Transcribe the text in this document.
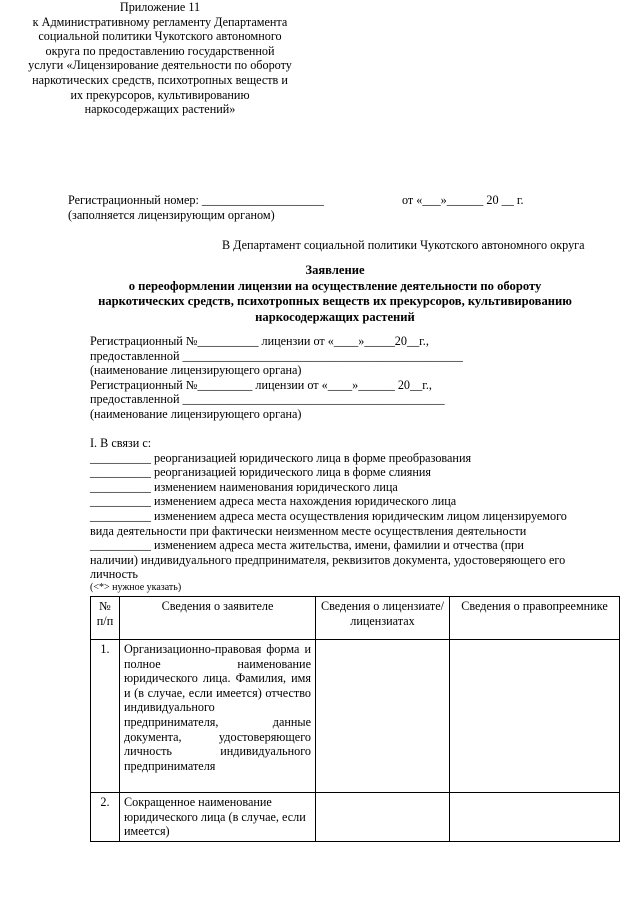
Приложение 11
к Административному регламенту Департамента
социальной политики Чукотского автономного
округа по предоставлению государственной
услуги «Лицензирование деятельности по обороту
наркотических средств, психотропных веществ и
их прекурсоров, культивированию
наркосодержащих растений»
Регистрационный номер: ____________________	от «___»______ 20 __ г.
(заполняется лицензирующим органом)
В Департамент социальной политики Чукотского автономного округа
Заявление
о переоформлении лицензии на осуществление деятельности по обороту
наркотических средств, психотропных веществ их прекурсоров, культивированию
наркосодержащих растений
Регистрационный №__________ лицензии от «____»_____20__г.,
предоставленной ______________________________________________
(наименование лицензирующего органа)
Регистрационный №_________ лицензии от «____»______ 20__г.,
предоставленной ___________________________________________
(наименование лицензирующего органа)
I. В связи с:
__________ реорганизацией юридического лица в форме преобразования
__________ реорганизацией юридического лица в форме слияния
__________ изменением наименования юридического лица
__________ изменением адреса места нахождения юридического лица
__________ изменением адреса места осуществления юридическим лицом лицензируемого
вида деятельности при фактически неизменном месте осуществления деятельности
__________ изменением адреса места жительства, имени, фамилии и отчества (при
наличии) индивидуального предпринимателя, реквизитов документа, удостоверяющего его
личность
(<*> нужное указать)
№ п/п	Сведения о заявителе	Сведения о лицензиате/ лицензиатах	Сведения о правопреемнике
1.	Организационно-правовая форма и полное наименование юридического лица. Фамилия, имя и (в случае, если имеется) отчество индивидуального предпринимателя, данные документа, удостоверяющего личность индивидуального предпринимателя		
2.	Сокращенное наименование юридического лица (в случае, если имеется)		
